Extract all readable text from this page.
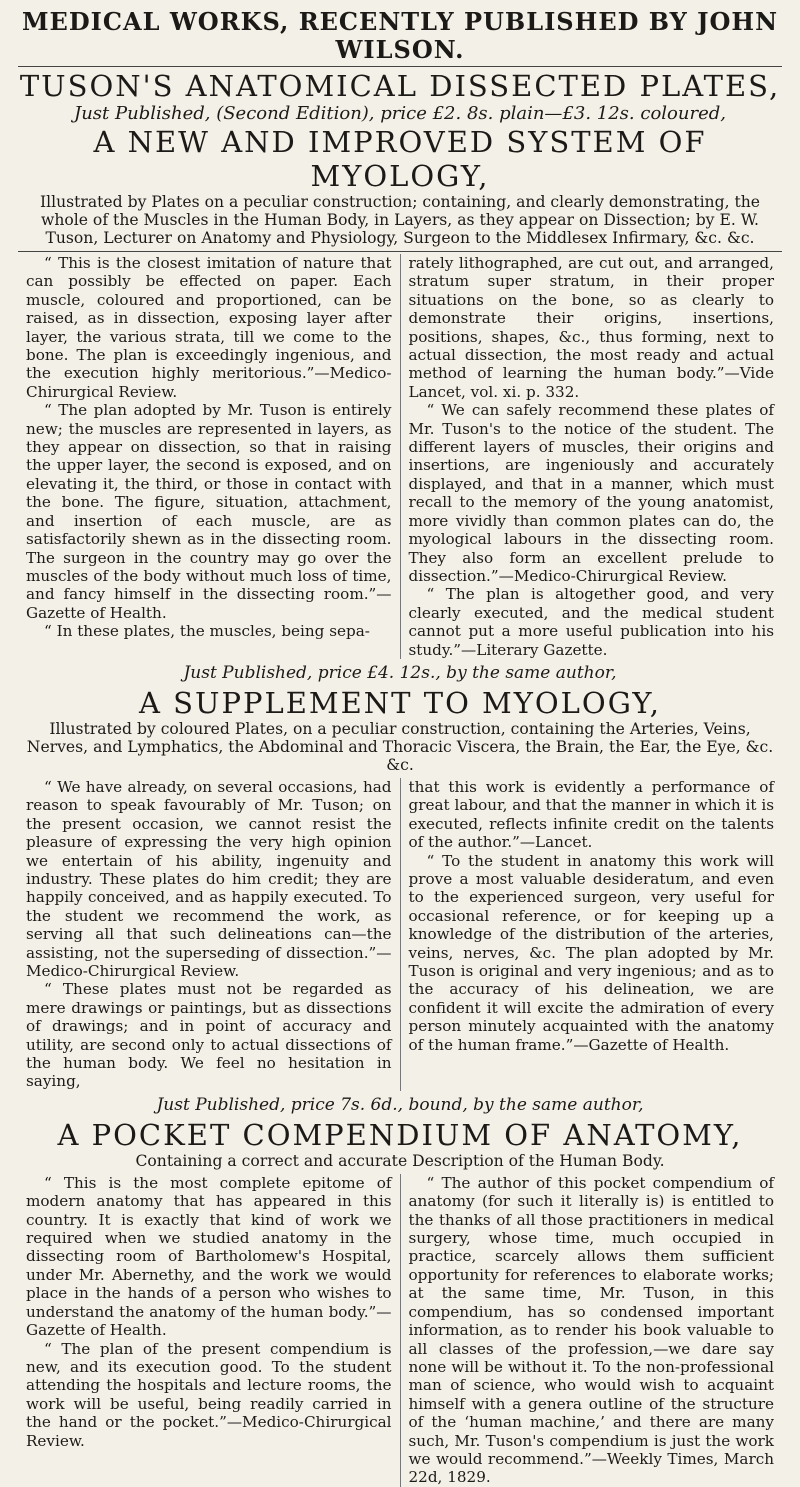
MEDICAL WORKS, RECENTLY PUBLISHED BY JOHN WILSON.
TUSON'S ANATOMICAL DISSECTED PLATES,

Just Published, (Second Edition), price £2. 8s. plain—£3. 12s. coloured,

A NEW AND IMPROVED SYSTEM OF MYOLOGY,

Illustrated by Plates on a peculiar construction; containing, and clearly demonstrating, the whole of the Muscles in the Human Body, in Layers, as they appear on Dissection; by E. W. Tuson, Lecturer on Anatomy and Physiology, Surgeon to the Middlesex Infirmary, &c. &c.

“ This is the closest imitation of nature that can possibly be effected on paper. Each muscle, coloured and proportioned, can be raised, as in dissection, exposing layer after layer, the various strata, till we come to the bone. The plan is exceedingly ingenious, and the execution highly meritorious.”—Medico-Chirurgical Review.

“ The plan adopted by Mr. Tuson is entirely new; the muscles are represented in layers, as they appear on dissection, so that in raising the upper layer, the second is exposed, and on elevating it, the third, or those in contact with the bone. The figure, situation, attachment, and insertion of each muscle, are as satisfactorily shewn as in the dissecting room. The surgeon in the country may go over the muscles of the body without much loss of time, and fancy himself in the dissecting room.”—Gazette of Health.

“ In these plates, the muscles, being sepa-

rately lithographed, are cut out, and arranged, stratum super stratum, in their proper situations on the bone, so as clearly to demonstrate their origins, insertions, positions, shapes, &c., thus forming, next to actual dissection, the most ready and actual method of learning the human body.”—Vide Lancet, vol. xi. p. 332.

“ We can safely recommend these plates of Mr. Tuson's to the notice of the student. The different layers of muscles, their origins and insertions, are ingeniously and accurately displayed, and that in a manner, which must recall to the memory of the young anatomist, more vividly than common plates can do, the myological labours in the dissecting room. They also form an excellent prelude to dissection.”—Medico-Chirurgical Review.

“ The plan is altogether good, and very clearly executed, and the medical student cannot put a more useful publication into his study.”—Literary Gazette.

Just Published, price £4. 12s., by the same author,

A SUPPLEMENT TO MYOLOGY,

Illustrated by coloured Plates, on a peculiar construction, containing the Arteries, Veins, Nerves, and Lymphatics, the Abdominal and Thoracic Viscera, the Brain, the Ear, the Eye, &c. &c.

“ We have already, on several occasions, had reason to speak favourably of Mr. Tuson; on the present occasion, we cannot resist the pleasure of expressing the very high opinion we entertain of his ability, ingenuity and industry. These plates do him credit; they are happily conceived, and as happily executed. To the student we recommend the work, as serving all that such delineations can—the assisting, not the superseding of dissection.”—Medico-Chirurgical Review.

“ These plates must not be regarded as mere drawings or paintings, but as dissections of drawings; and in point of accuracy and utility, are second only to actual dissections of the human body. We feel no hesitation in saying,

that this work is evidently a performance of great labour, and that the manner in which it is executed, reflects infinite credit on the talents of the author.”—Lancet.

“ To the student in anatomy this work will prove a most valuable desideratum, and even to the experienced surgeon, very useful for occasional reference, or for keeping up a knowledge of the distribution of the arteries, veins, nerves, &c. The plan adopted by Mr. Tuson is original and very ingenious; and as to the accuracy of his delineation, we are confident it will excite the admiration of every person minutely acquainted with the anatomy of the human frame.”—Gazette of Health.

Just Published, price 7s. 6d., bound, by the same author,

A POCKET COMPENDIUM OF ANATOMY,

Containing a correct and accurate Description of the Human Body.

“ This is the most complete epitome of modern anatomy that has appeared in this country. It is exactly that kind of work we required when we studied anatomy in the dissecting room of Bartholomew's Hospital, under Mr. Abernethy, and the work we would place in the hands of a person who wishes to understand the anatomy of the human body.”—Gazette of Health.

“ The plan of the present compendium is new, and its execution good. To the student attending the hospitals and lecture rooms, the work will be useful, being readily carried in the hand or the pocket.”—Medico-Chirurgical Review.

“ The author of this pocket compendium of anatomy (for such it literally is) is entitled to the thanks of all those practitioners in medical surgery, whose time, much occupied in practice, scarcely allows them sufficient opportunity for references to elaborate works; at the same time, Mr. Tuson, in this compendium, has so condensed important information, as to render his book valuable to all classes of the profession,—we dare say none will be without it. To the non-professional man of science, who would wish to acquaint himself with a genera outline of the structure of the ‘human machine,’ and there are many such, Mr. Tuson's compendium is just the work we would recommend.”—Weekly Times, March 22d, 1829.
